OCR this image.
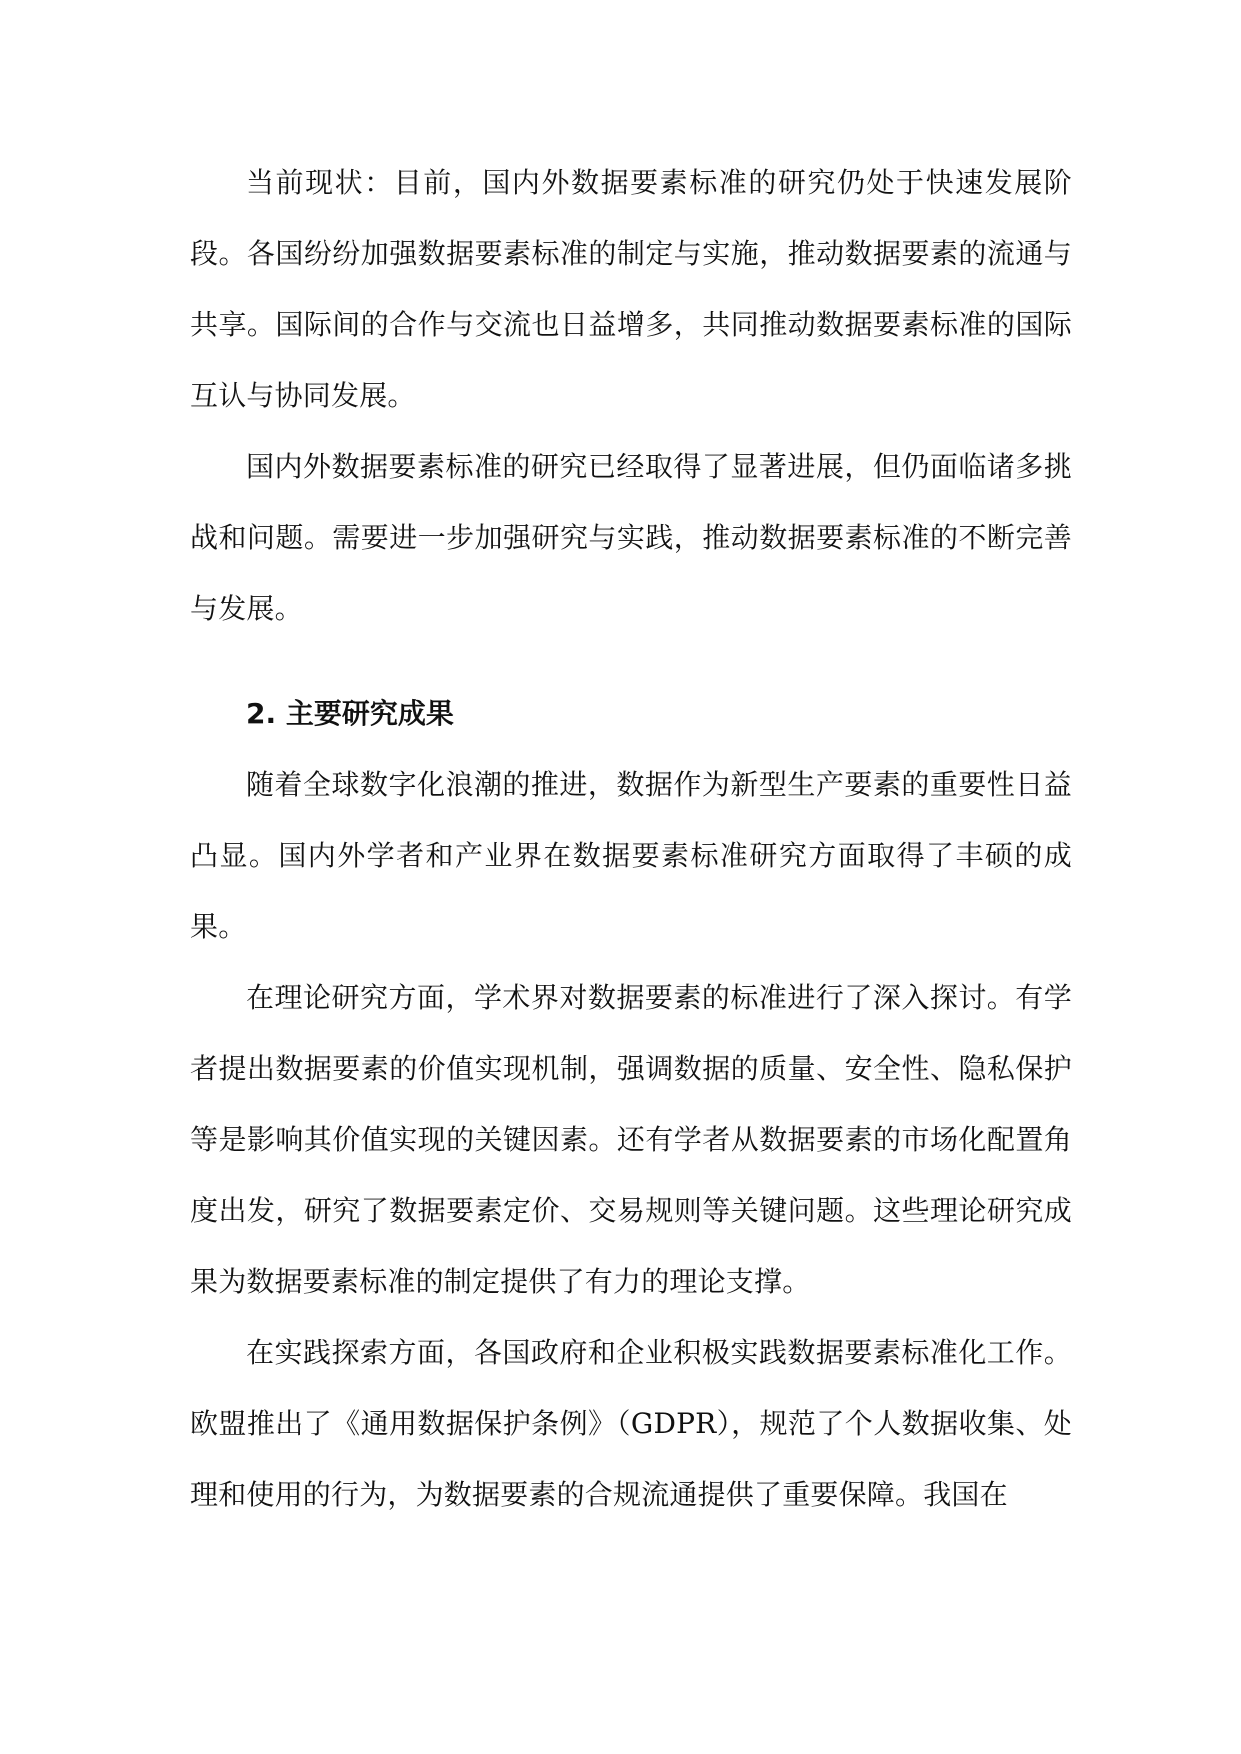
当前现状：目前，国内外数据要素标准的研究仍处于快速发展阶段。各国纷纷加强数据要素标准的制定与实施，推动数据要素的流通与共享。国际间的合作与交流也日益增多，共同推动数据要素标准的国际互认与协同发展。

国内外数据要素标准的研究已经取得了显著进展，但仍面临诸多挑战和问题。需要进一步加强研究与实践，推动数据要素标准的不断完善与发展。

2. 主要研究成果

随着全球数字化浪潮的推进，数据作为新型生产要素的重要性日益凸显。国内外学者和产业界在数据要素标准研究方面取得了丰硕的成果。

在理论研究方面，学术界对数据要素的标准进行了深入探讨。有学者提出数据要素的价值实现机制，强调数据的质量、安全性、隐私保护等是影响其价值实现的关键因素。还有学者从数据要素的市场化配置角度出发，研究了数据要素定价、交易规则等关键问题。这些理论研究成果为数据要素标准的制定提供了有力的理论支撑。

在实践探索方面，各国政府和企业积极实践数据要素标准化工作。欧盟推出了《通用数据保护条例》（GDPR），规范了个人数据收集、处理和使用的行为，为数据要素的合规流通提供了重要保障。我国在
